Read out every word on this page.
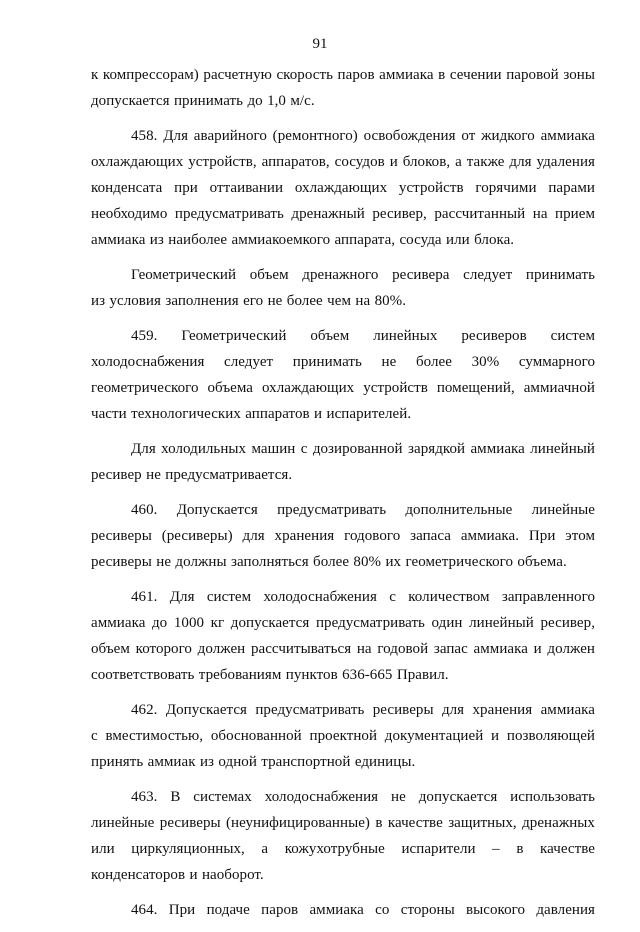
91

к компрессорам) расчетную скорость паров аммиака в сечении паровой зоны
допускается принимать до 1,0 м/с.

458. Для аварийного (ремонтного) освобождения от жидкого аммиака
охлаждающих устройств, аппаратов, сосудов и блоков, а также для удаления
конденсата при оттаивании охлаждающих устройств горячими парами
необходимо предусматривать дренажный ресивер, рассчитанный на прием
аммиака из наиболее аммиакоемкого аппарата, сосуда или блока.

Геометрический объем дренажного ресивера следует принимать
из условия заполнения его не более чем на 80%.

459. Геометрический объем линейных ресиверов систем
холодоснабжения следует принимать не более 30% суммарного
геометрического объема охлаждающих устройств помещений, аммиачной
части технологических аппаратов и испарителей.

Для холодильных машин с дозированной зарядкой аммиака линейный
ресивер не предусматривается.

460. Допускается предусматривать дополнительные линейные
ресиверы (ресиверы) для хранения годового запаса аммиака. При этом
ресиверы не должны заполняться более 80% их геометрического объема.

461. Для систем холодоснабжения с количеством заправленного
аммиака до 1000 кг допускается предусматривать один линейный ресивер,
объем которого должен рассчитываться на годовой запас аммиака и должен
соответствовать требованиям пунктов 636-665 Правил.

462. Допускается предусматривать ресиверы для хранения аммиака
с вместимостью, обоснованной проектной документацией и позволяющей
принять аммиак из одной транспортной единицы.

463. В системах холодоснабжения не допускается использовать
линейные ресиверы (неунифицированные) в качестве защитных, дренажных
или циркуляционных, а кожухотрубные испарители – в качестве
конденсаторов и наоборот.

464. При подаче паров аммиака со стороны высокого давления
